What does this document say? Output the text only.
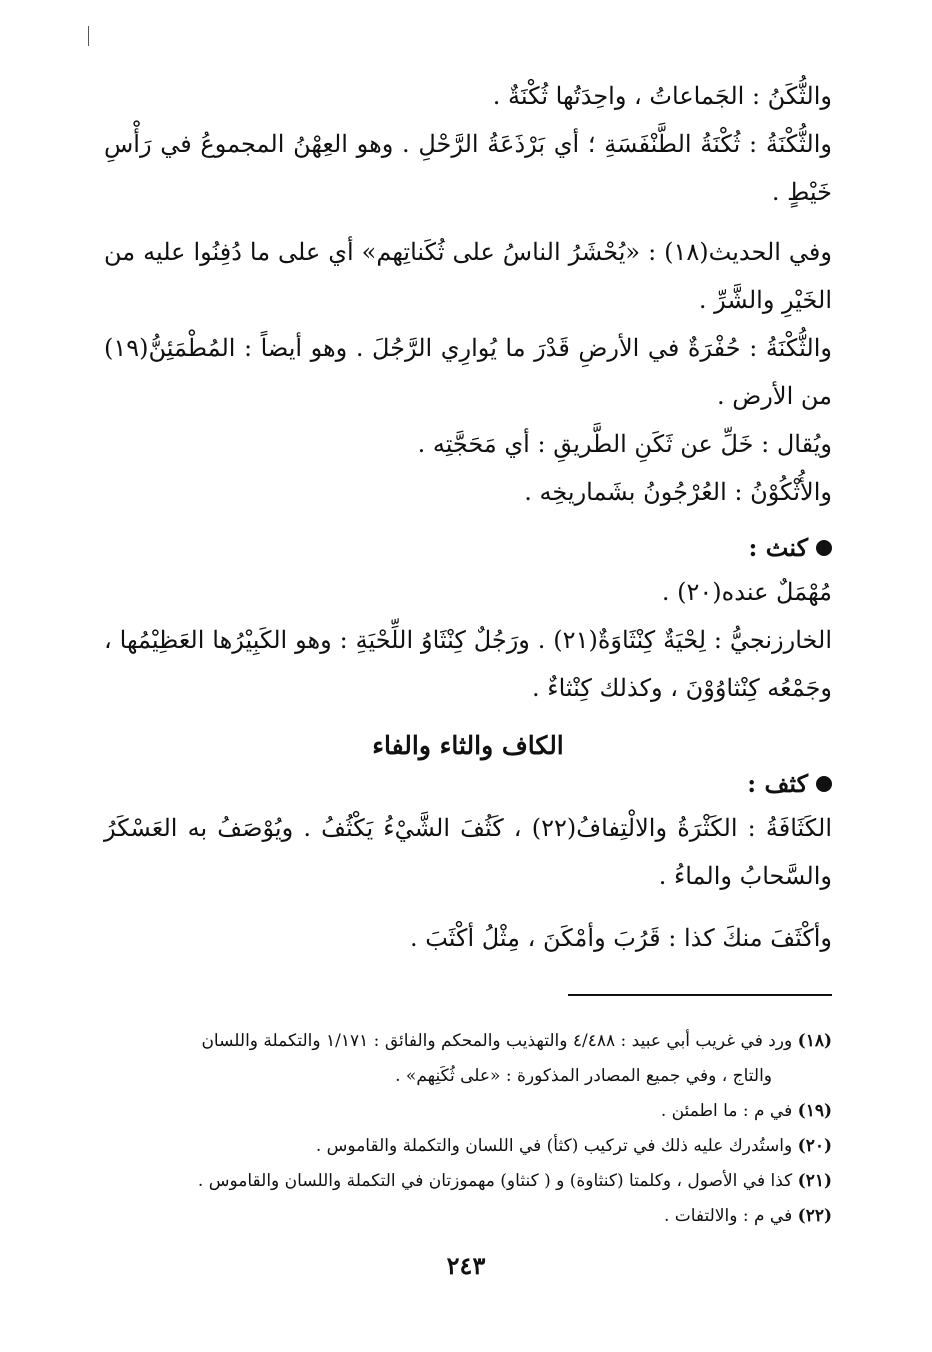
والثُّكَنُ : الجَماعاتُ ، واحِدَتُها ثُكْنَةٌ .

والثُّكْنَةُ : ثُكْنَةُ الطَّنْفَسَةِ ؛ أي بَرْذَعَةُ الرَّحْلِ . وهو العِهْنُ المجموعُ في رَأْسِ خَيْطٍ .

وفي الحديث(١٨) : «يُحْشَرُ الناسُ على ثُكَناتِهم» أي على ما دُفِنُوا عليه من الخَيْرِ والشَّرِّ .

والثُّكْنَةُ : حُفْرَةٌ في الأرضِ قَدْرَ ما يُوارِي الرَّجُلَ . وهو أيضاً : المُطْمَئِنُّ(١٩) من الأرض .

ويُقال : خَلِّ عن ثَكَنِ الطَّريقِ : أي مَحَجَّتِه .

والأُثْكُوْنُ : العُرْجُونُ بشَماريخِه .

كنث :

مُهْمَلٌ عنده(٢٠) .

الخارزنجيُّ : لِحْيَةٌ كِنْثَاوَةٌ(٢١) . ورَجُلٌ كِنْثَاوُ اللِّحْيَةِ : وهو الكَبِيْرُها العَظِيْمُها ، وجَمْعُه كِنْثاوُوْنَ ، وكذلك كِنْثاءٌ .

الكاف والثاء والفاء
كثف :

الكَثَافَةُ : الكَثْرَةُ والالْتِفافُ(٢٢) ، كَثُفَ الشَّيْءُ يَكْثُفُ . ويُوْصَفُ به العَسْكَرُ والسَّحابُ والماءُ .

وأكْثَفَ منكَ كذا : قَرُبَ وأمْكَنَ ، مِثْلُ أكْثَبَ .

(١٨) ورد في غريب أبي عبيد : ٤/٤٨٨ والتهذيب والمحكم والفائق : ١/١٧١ والتكملة واللسان

والتاج ، وفي جميع المصادر المذكورة : «على ثُكَنِهم» .

(١٩) في م : ما اطمئن .

(٢٠) واستُدرك عليه ذلك في تركيب (كثأ) في اللسان والتكملة والقاموس .

(٢١) كذا في الأصول ، وكلمتا (كنثاوة) و ( كنثاو) مهموزتان في التكملة واللسان والقاموس .

(٢٢) في م : والالتفات .

٢٤٣
